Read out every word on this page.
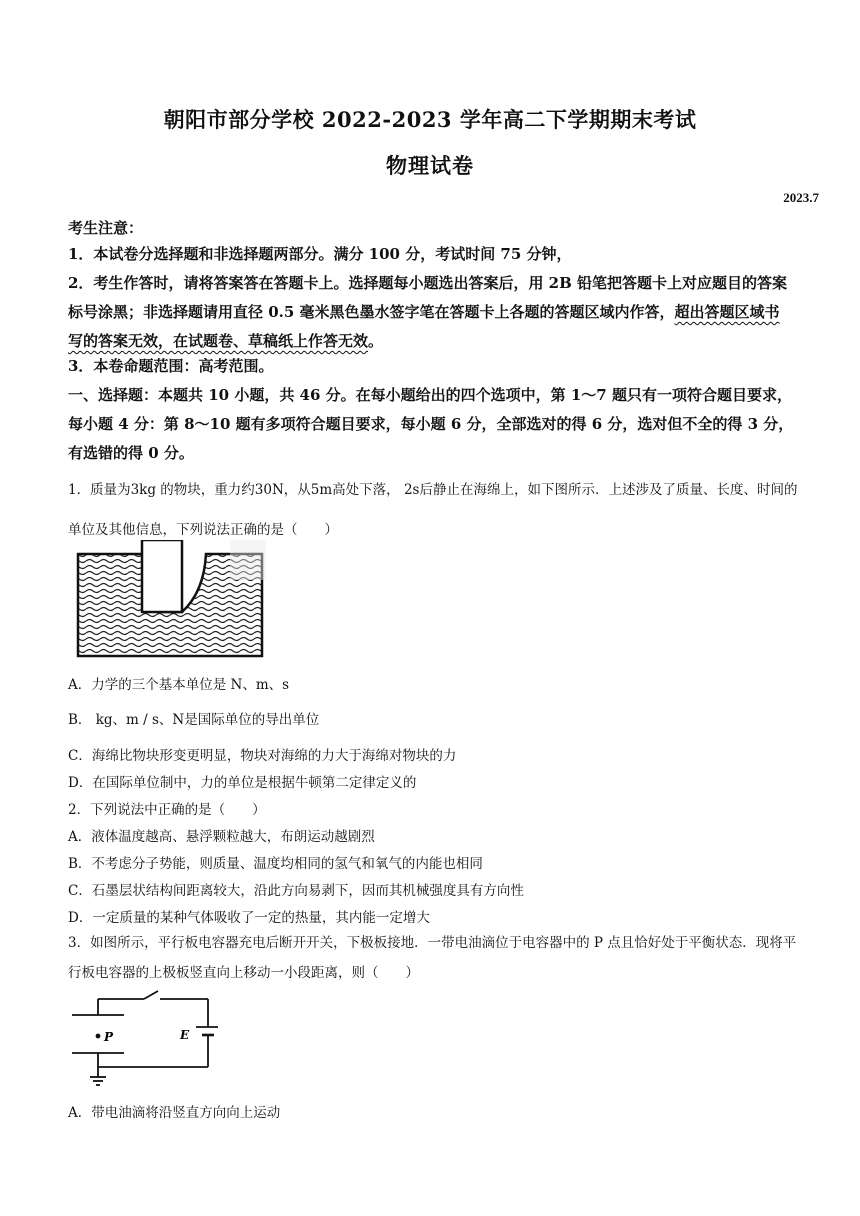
朝阳市部分学校 2022-2023 学年高二下学期期末考试
物理试卷
2023.7
考生注意：
1．本试卷分选择题和非选择题两部分。满分 100 分，考试时间 75 分钟，
2．考生作答时，请将答案答在答题卡上。选择题每小题选出答案后，用 2B 铅笔把答题卡上对应题目的答案标号涂黑；非选择题请用直径 0.5 毫米黑色墨水签字笔在答题卡上各题的答题区域内作答，超出答题区域书写的答案无效，在试题卷、草稿纸上作答无效。
3．本卷命题范围：高考范围。
一、选择题：本题共 10 小题，共 46 分。在每小题给出的四个选项中，第 1～7 题只有一项符合题目要求，每小题 4 分：第 8～10 题有多项符合题目要求，每小题 6 分，全部选对的得 6 分，选对但不全的得 3 分，有选错的得 0 分。
1．质量为3kg 的物块，重力约30N，从5m高处下落， 2s后静止在海绵上，如下图所示．上述涉及了质量、长度、时间的单位及其他信息，下列说法正确的是（　　）
A．力学的三个基本单位是 N、m、s
B． kg、m / s、N是国际单位的导出单位
C．海绵比物块形变更明显，物块对海绵的力大于海绵对物块的力
D．在国际单位制中，力的单位是根据牛顿第二定律定义的
2．下列说法中正确的是（　　）
A．液体温度越高、悬浮颗粒越大，布朗运动越剧烈
B．不考虑分子势能，则质量、温度均相同的氢气和氧气的内能也相同
C．石墨层状结构间距离较大，沿此方向易剥下，因而其机械强度具有方向性
D．一定质量的某种气体吸收了一定的热量，其内能一定增大
3．如图所示，平行板电容器充电后断开开关，下极板接地．一带电油滴位于电容器中的 P 点且恰好处于平衡状态．现将平行板电容器的上极板竖直向上移动一小段距离，则（　　）
P	E
A．带电油滴将沿竖直方向向上运动
